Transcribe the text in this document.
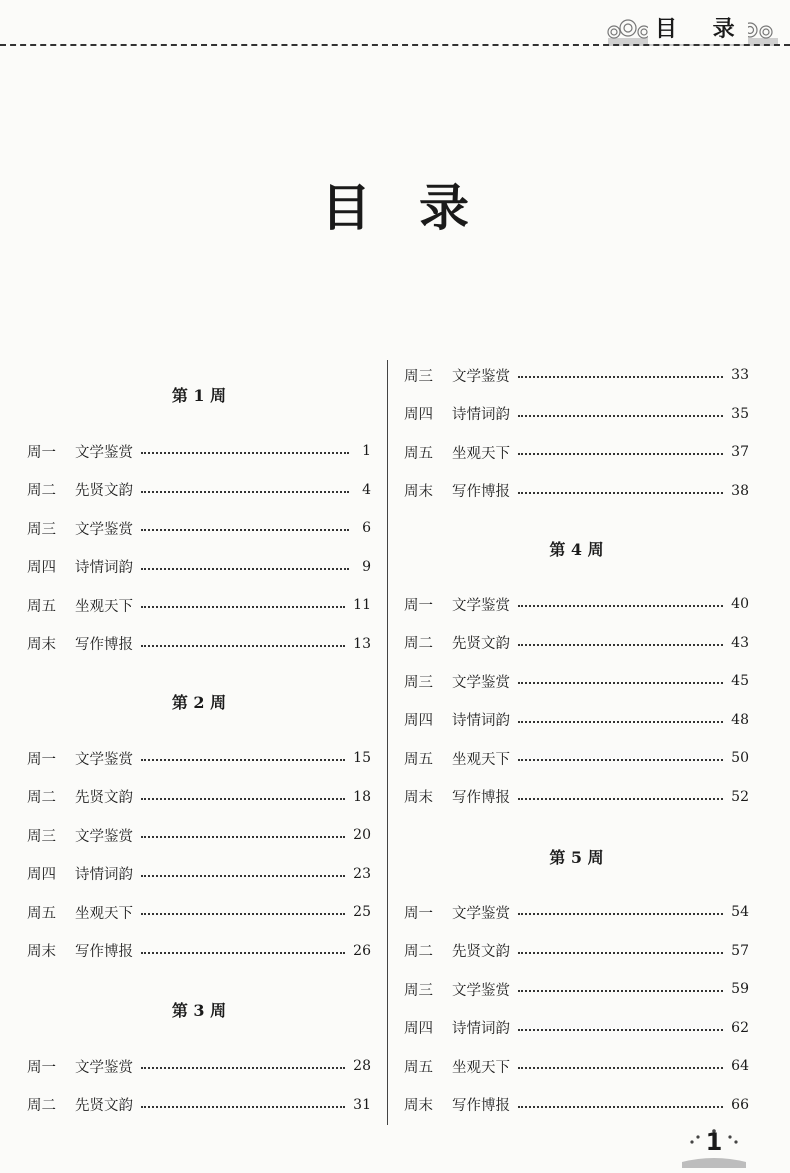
目 录
目录
第 1 周
周一	文学鉴赏	1
周二	先贤文韵	4
周三	文学鉴赏	6
周四	诗情词韵	9
周五	坐观天下	11
周末	写作博报	13
第 2 周
周一	文学鉴赏	15
周二	先贤文韵	18
周三	文学鉴赏	20
周四	诗情词韵	23
周五	坐观天下	25
周末	写作博报	26
第 3 周
周一	文学鉴赏	28
周二	先贤文韵	31
周三	文学鉴赏	33
周四	诗情词韵	35
周五	坐观天下	37
周末	写作博报	38
第 4 周
周一	文学鉴赏	40
周二	先贤文韵	43
周三	文学鉴赏	45
周四	诗情词韵	48
周五	坐观天下	50
周末	写作博报	52
第 5 周
周一	文学鉴赏	54
周二	先贤文韵	57
周三	文学鉴赏	59
周四	诗情词韵	62
周五	坐观天下	64
周末	写作博报	66
1
